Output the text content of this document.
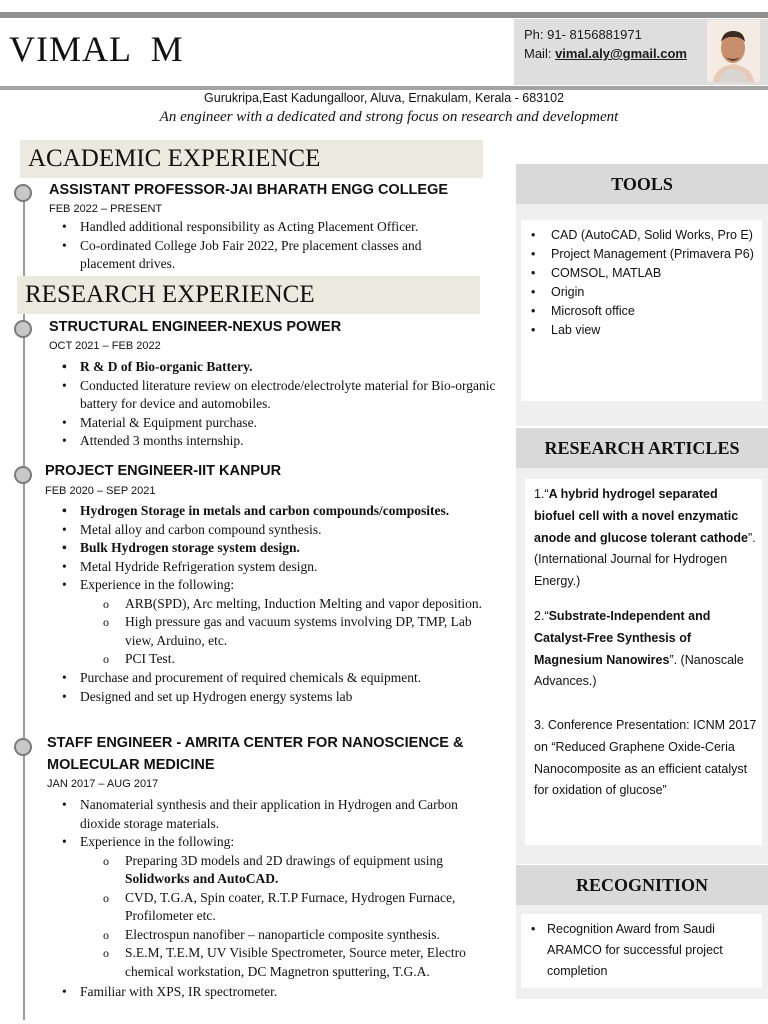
VIMAL  M	Ph: 91- 8156881971
Mail: vimal.aly@gmail.com
Gurukripa,East Kadungalloor, Aluva, Ernakulam, Kerala - 683102
An engineer with a dedicated and strong focus on research and development
ACADEMIC EXPERIENCE
ASSISTANT PROFESSOR-JAI BHARATH ENGG COLLEGE
FEB 2022 – PRESENT
• Handled additional responsibility as Acting Placement Officer.
• Co-ordinated College Job Fair 2022, Pre placement classes and placement drives.
RESEARCH EXPERIENCE
STRUCTURAL ENGINEER-NEXUS POWER
OCT 2021 – FEB 2022
• R & D of Bio-organic Battery.
• Conducted literature review on electrode/electrolyte material for Bio-organic battery for device and automobiles.
• Material & Equipment purchase.
• Attended 3 months internship.
PROJECT ENGINEER-IIT KANPUR
FEB 2020 – SEP 2021
• Hydrogen Storage in metals and carbon compounds/composites.
• Metal alloy and carbon compound synthesis.
• Bulk Hydrogen storage system design.
• Metal Hydride Refrigeration system design.
• Experience in the following:
o ARB(SPD), Arc melting, Induction Melting and vapor deposition.
o High pressure gas and vacuum systems involving DP, TMP, Lab view, Arduino, etc.
o PCI Test.
• Purchase and procurement of required chemicals & equipment.
• Designed and set up Hydrogen energy systems lab
STAFF ENGINEER - AMRITA CENTER FOR NANOSCIENCE &
MOLECULAR MEDICINE
JAN 2017 – AUG 2017
• Nanomaterial synthesis and their application in Hydrogen and Carbon dioxide storage materials.
• Experience in the following:
o Preparing 3D models and 2D drawings of equipment using
Solidworks and AutoCAD.
o CVD, T.G.A, Spin coater, R.T.P Furnace, Hydrogen Furnace, Profilometer etc.
o Electrospun nanofiber – nanoparticle composite synthesis.
o S.E.M, T.E.M, UV Visible Spectrometer, Source meter, Electro chemical workstation, DC Magnetron sputtering, T.G.A.
• Familiar with XPS, IR spectrometer.
TOOLS
• CAD (AutoCAD, Solid Works, Pro E)
• Project Management (Primavera P6)
• COMSOL, MATLAB
• Origin
• Microsoft office
• Lab view
RESEARCH ARTICLES
1.“A hybrid hydrogel separated biofuel cell with a novel enzymatic anode and glucose tolerant cathode”. (International Journal for Hydrogen Energy.)
2.“Substrate-Independent and Catalyst-Free Synthesis of Magnesium Nanowires”. (Nanoscale Advances.)
3. Conference Presentation: ICNM 2017 on “Reduced Graphene Oxide-Ceria Nanocomposite as an efficient catalyst for oxidation of glucose”
RECOGNITION
• Recognition Award from Saudi ARAMCO for successful project completion
